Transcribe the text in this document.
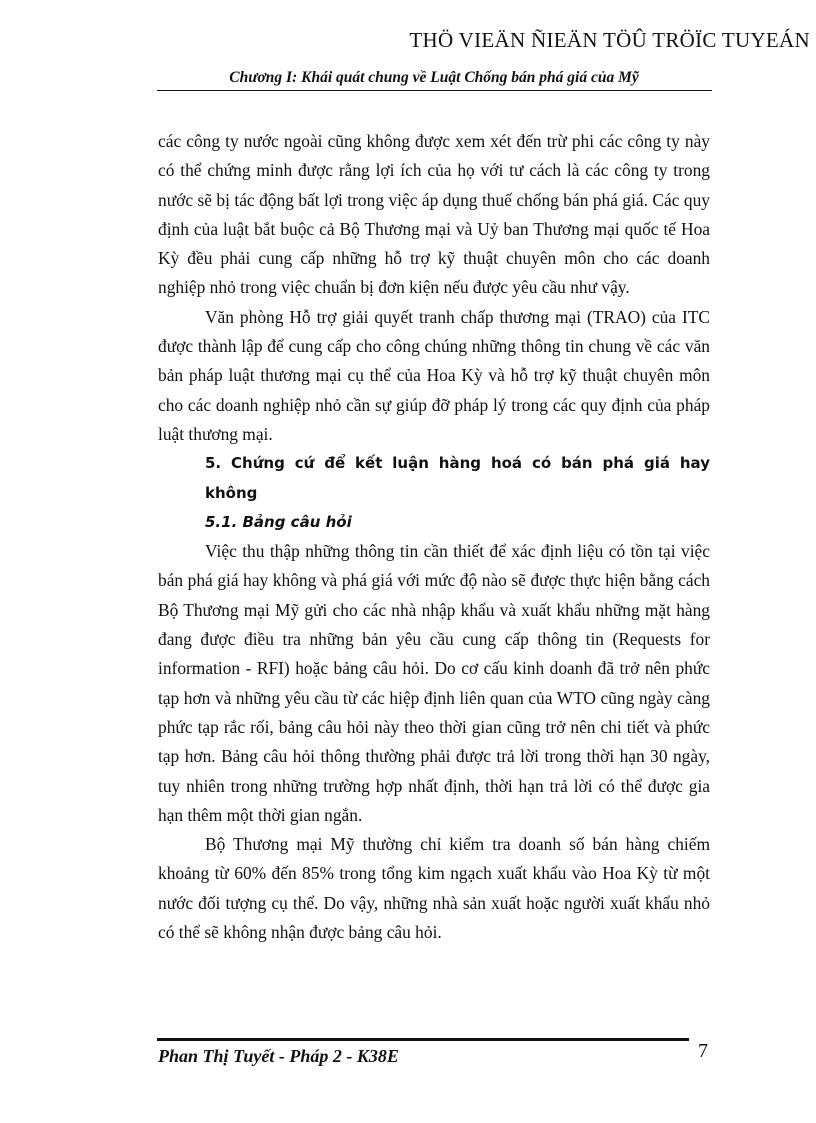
THÖ VIEÄN ÑIEÄN TÖÛ TRÖÏC TUYEÁN
Chương I: Khái quát chung về Luật Chống bán phá giá của Mỹ

các công ty nước ngoài cũng không được xem xét đến trừ phi các công ty này có thể chứng minh được rằng lợi ích của họ với tư cách là các công ty trong nước sẽ bị tác động bất lợi trong việc áp dụng thuế chống bán phá giá. Các quy định của luật bắt buộc cả Bộ Thương mại và Uỷ ban Thương mại quốc tế Hoa Kỳ đều phải cung cấp những hỗ trợ kỹ thuật chuyên môn cho các doanh nghiệp nhỏ trong việc chuẩn bị đơn kiện nếu được yêu cầu như vậy.

Văn phòng Hỗ trợ giải quyết tranh chấp thương mại (TRAO) của ITC được thành lập để cung cấp cho công chúng những thông tin chung về các văn bản pháp luật thương mại cụ thể của Hoa Kỳ và hỗ trợ kỹ thuật chuyên môn cho các doanh nghiệp nhỏ cần sự giúp đỡ pháp lý trong các quy định của pháp luật thương mại.

5. Chứng cứ để kết luận hàng hoá có bán phá giá hay không

5.1. Bảng câu hỏi

Việc thu thập những thông tin cần thiết để xác định liệu có tồn tại việc bán phá giá hay không và phá giá với mức độ nào sẽ được thực hiện bằng cách Bộ Thương mại Mỹ gửi cho các nhà nhập khẩu và xuất khẩu những mặt hàng đang được điều tra những bản yêu cầu cung cấp thông tin (Requests for information - RFI) hoặc bảng câu hỏi. Do cơ cấu kinh doanh đã trở nên phức tạp hơn và những yêu cầu từ các hiệp định liên quan của WTO cũng ngày càng phức tạp rắc rối, bảng câu hỏi này theo thời gian cũng trở nên chi tiết và phức tạp hơn. Bảng câu hỏi thông thường phải được trả lời trong thời hạn 30 ngày, tuy nhiên trong những trường hợp nhất định, thời hạn trả lời có thể được gia hạn thêm một thời gian ngắn.

Bộ Thương mại Mỹ thường chỉ kiểm tra doanh số bán hàng chiếm khoảng từ 60% đến 85% trong tổng kim ngạch xuất khẩu vào Hoa Kỳ từ một nước đối tượng cụ thể. Do vậy, những nhà sản xuất hoặc người xuất khẩu nhỏ có thể sẽ không nhận được bảng câu hỏi.

Phan Thị Tuyết - Pháp 2 - K38E	7
